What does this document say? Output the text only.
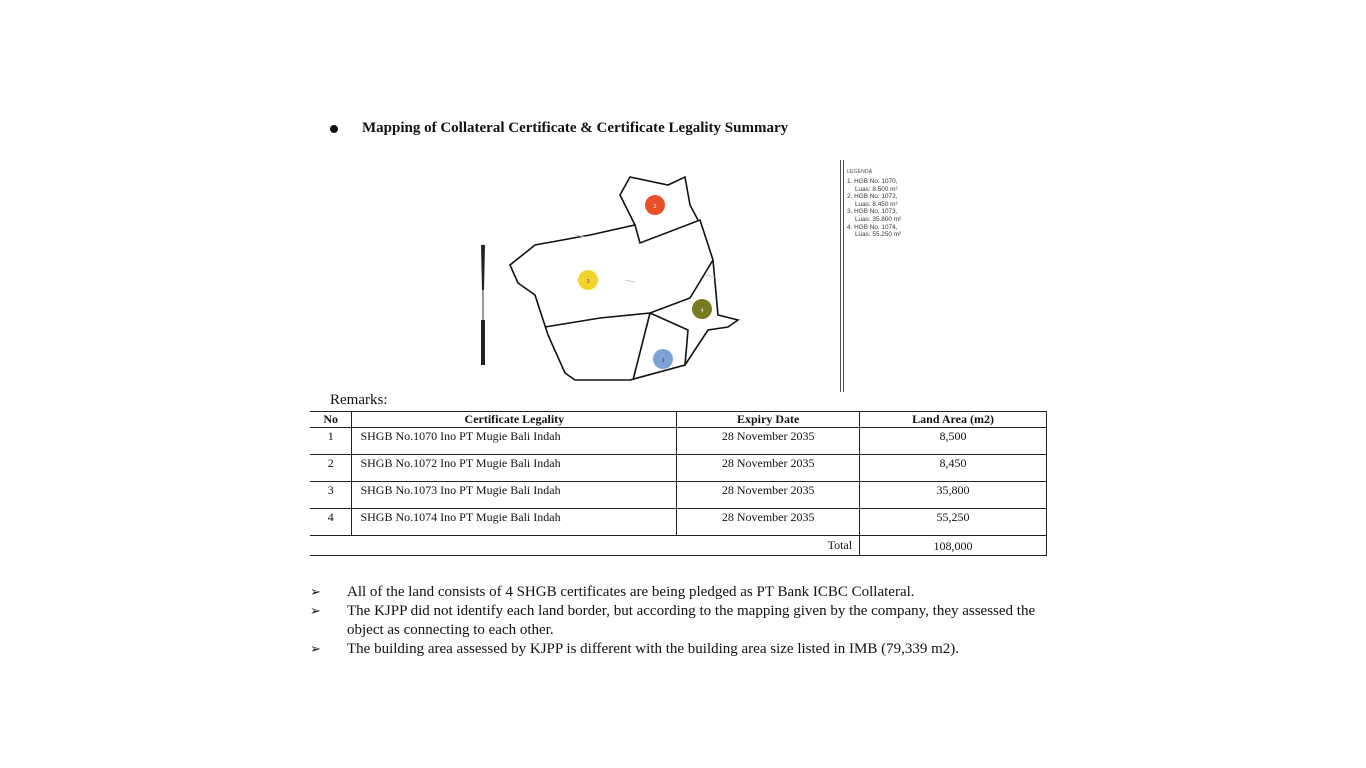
Mapping of Collateral Certificate & Certificate Legality Summary
2
3
4
1
LEGENDA
1. HGB No. 1070,
Luas: 8.500 m²
2. HGB No. 1072,
Luas: 8.450 m²
3. HGB No. 1073,
Luas: 35.800 m²
4. HGB No. 1074,
Luas: 55.250 m²
Remarks:
No	Certificate Legality	Expiry Date	Land Area (m2)
1	SHGB No.1070 Ino PT Mugie Bali Indah	28 November 2035	8,500
2	SHGB No.1072 Ino PT Mugie Bali Indah	28 November 2035	8,450
3	SHGB No.1073 Ino PT Mugie Bali Indah	28 November 2035	35,800
4	SHGB No.1074 Ino PT Mugie Bali Indah	28 November 2035	55,250
Total			108,000
➢	All of the land consists of 4 SHGB certificates are being pledged as PT Bank ICBC Collateral.
➢	The KJPP did not identify each land border, but according to the mapping given by the company, they assessed the object as connecting to each other.
➢	The building area assessed by KJPP is different with the building area size listed in IMB (79,339 m2).
